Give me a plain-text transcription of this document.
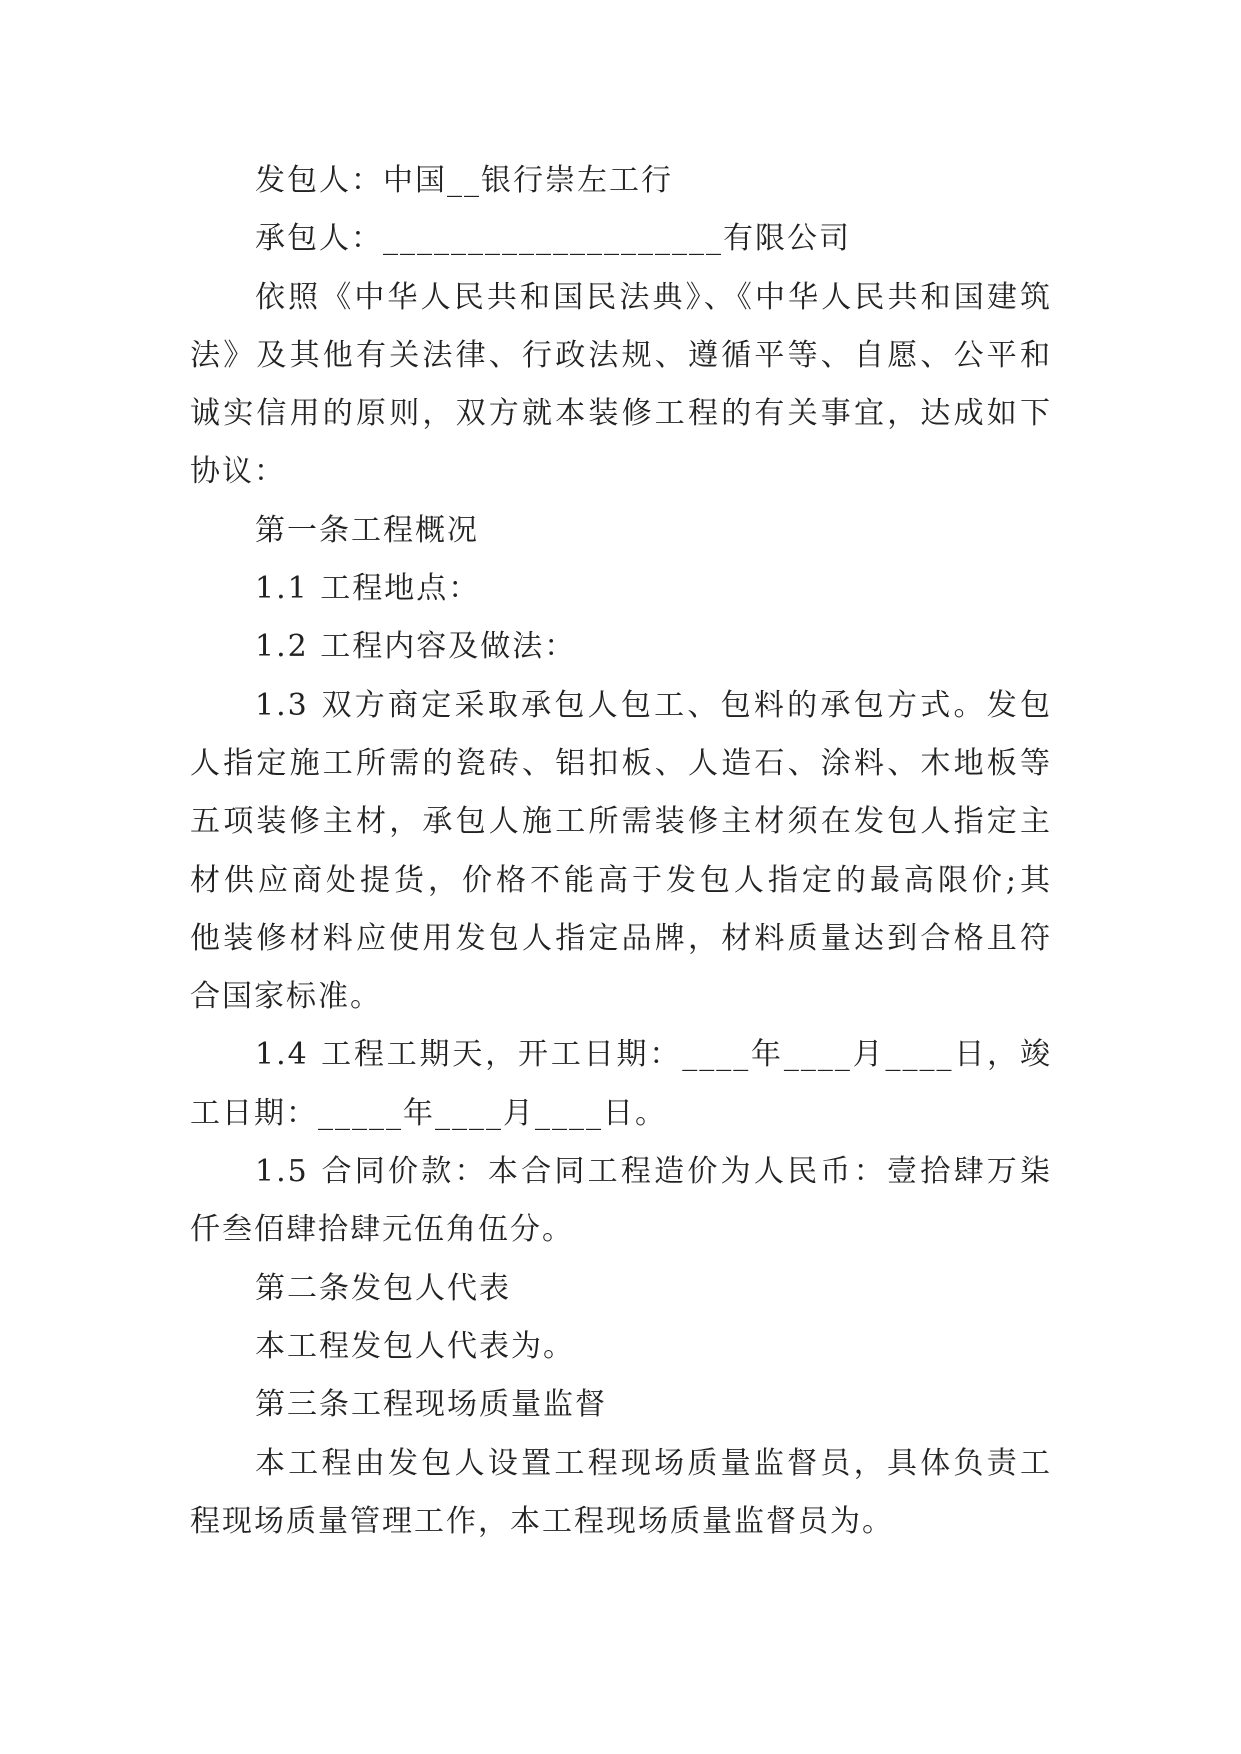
发包人：中国__银行崇左工行
承包人：____________________有限公司
依照《中华人民共和国民法典》、《中华人民共和国建筑
法》及其他有关法律、行政法规、遵循平等、自愿、公平和
诚实信用的原则，双方就本装修工程的有关事宜，达成如下
协议：
第一条工程概况
1.1 工程地点：
1.2 工程内容及做法：
1.3 双方商定采取承包人包工、包料的承包方式。发包
人指定施工所需的瓷砖、铝扣板、人造石、涂料、木地板等
五项装修主材，承包人施工所需装修主材须在发包人指定主
材供应商处提货，价格不能高于发包人指定的最高限价;其
他装修材料应使用发包人指定品牌，材料质量达到合格且符
合国家标准。
1.4 工程工期天，开工日期：____年____月____日，竣
工日期：_____年____月____日。
1.5 合同价款：本合同工程造价为人民币：壹拾肆万柒
仟叁佰肆拾肆元伍角伍分。
第二条发包人代表
本工程发包人代表为。
第三条工程现场质量监督
本工程由发包人设置工程现场质量监督员，具体负责工
程现场质量管理工作，本工程现场质量监督员为。
